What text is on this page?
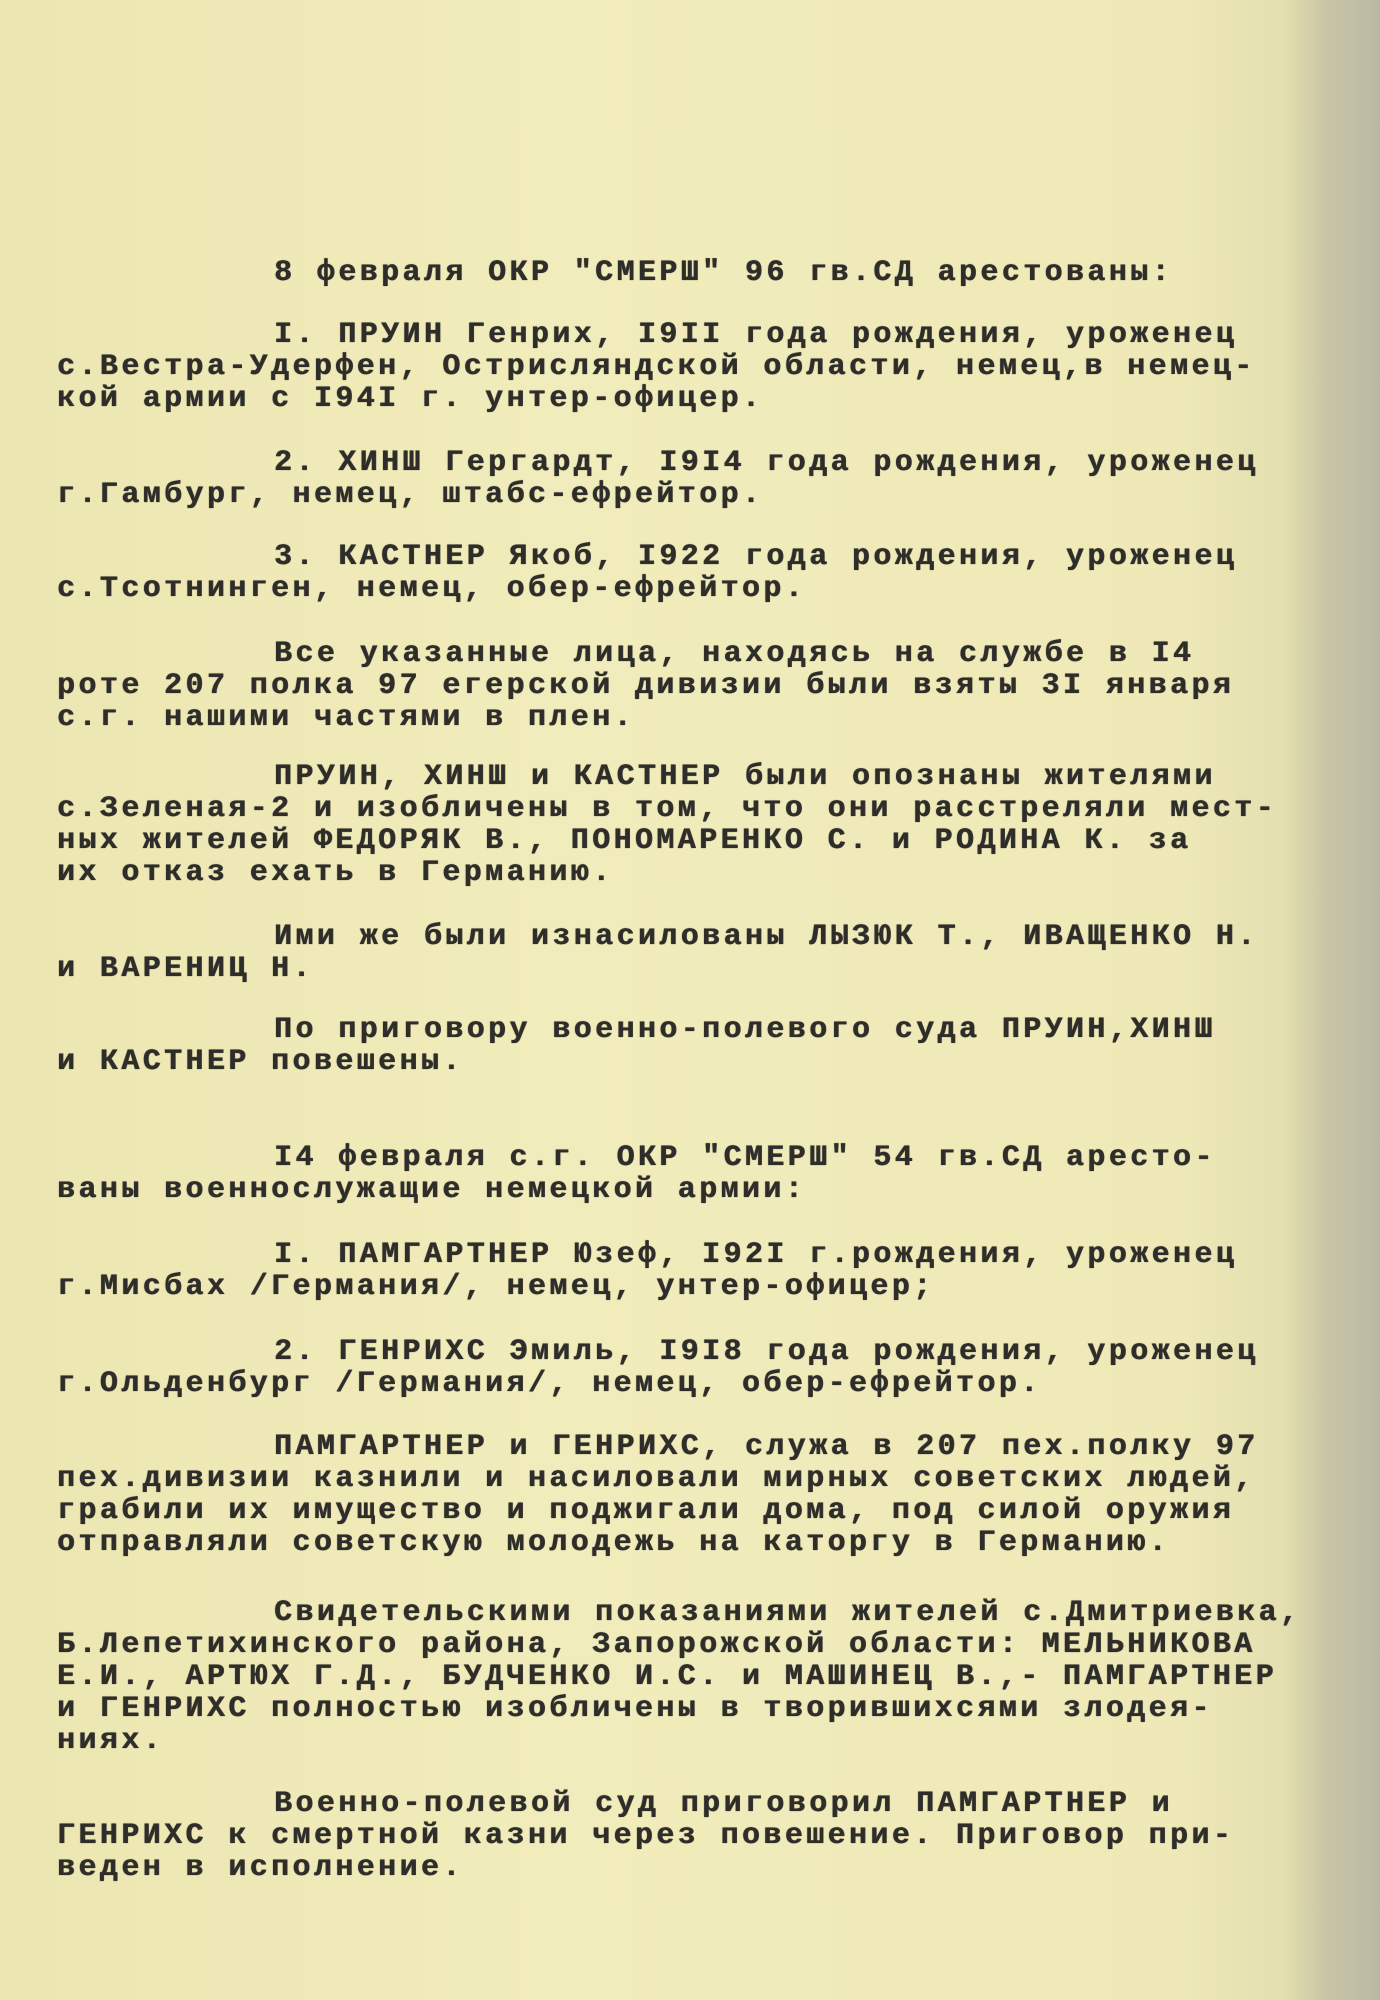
8 февраля ОКР "СМЕРШ" 96 гв.СД арестованы:
I. ПРУИН Генрих, I9II года рождения, уроженец
с.Вестра-Удерфен, Острисляндской области, немец,в немец-
кой армии с I94I г. унтер-офицер.
2. ХИНШ Гергардт, I9I4 года рождения, уроженец
г.Гамбург, немец, штабс-ефрейтор.
3. КАСТНЕР Якоб, I922 года рождения, уроженец
с.Тсотнинген, немец, обер-ефрейтор.
Все указанные лица, находясь на службе в I4
роте 207 полка 97 егерской дивизии были взяты 3I января
с.г. нашими частями в плен.
ПРУИН, ХИНШ и КАСТНЕР были опознаны жителями
с.Зеленая-2 и изобличены в том, что они расстреляли мест-
ных жителей ФЕДОРЯК В., ПОНОМАРЕНКО С. и РОДИНА К. за
их отказ ехать в Германию.
Ими же были изнасилованы ЛЫЗЮК Т., ИВАЩЕНКО Н.
и ВАРЕНИЦ Н.
По приговору военно-полевого суда ПРУИН,ХИНШ
и КАСТНЕР повешены.
I4 февраля с.г. ОКР "СМЕРШ" 54 гв.СД аресто-
ваны военнослужащие немецкой армии:
I. ПАМГАРТНЕР Юзеф, I92I г.рождения, уроженец
г.Мисбах /Германия/, немец, унтер-офицер;
2. ГЕНРИХС Эмиль, I9I8 года рождения, уроженец
г.Ольденбург /Германия/, немец, обер-ефрейтор.
ПАМГАРТНЕР и ГЕНРИХС, служа в 207 пех.полку 97
пех.дивизии казнили и насиловали мирных советских людей,
грабили их имущество и поджигали дома, под силой оружия
отправляли советскую молодежь на каторгу в Германию.
Свидетельскими показаниями жителей с.Дмитриевка,
Б.Лепетихинского района, Запорожской области: МЕЛЬНИКОВА
Е.И., АРТЮХ Г.Д., БУДЧЕНКО И.С. и МАШИНЕЦ В.,- ПАМГАРТНЕР
и ГЕНРИХС полностью изобличены в творившихсями злодея-
ниях.
Военно-полевой суд приговорил ПАМГАРТНЕР и
ГЕНРИХС к смертной казни через повешение. Приговор при-
веден в исполнение.
